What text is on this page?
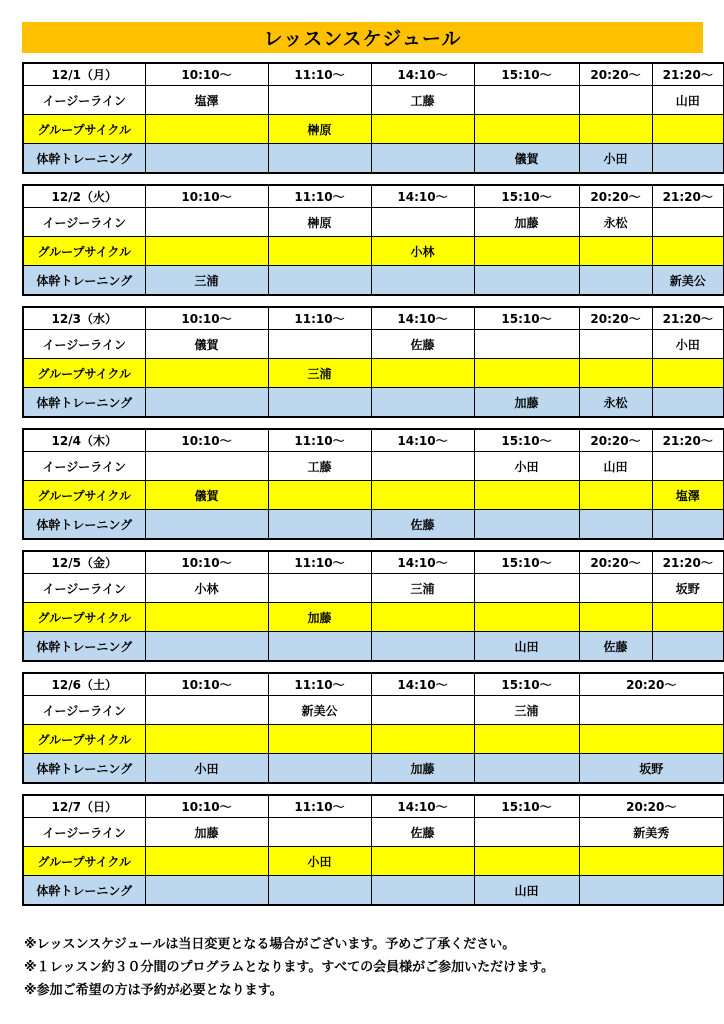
レッスンスケジュール
12/1（月）	10:10～	11:10～	14:10～	15:10～	20:20～	21:20～
イージーライン	塩澤		工藤			山田
グループサイクル		榊原				
体幹トレーニング				儀賀	小田	
12/2（火）	10:10～	11:10～	14:10～	15:10～	20:20～	21:20～
イージーライン		榊原		加藤	永松	
グループサイクル			小林			
体幹トレーニング	三浦					新美公
12/3（水）	10:10～	11:10～	14:10～	15:10～	20:20～	21:20～
イージーライン	儀賀		佐藤			小田
グループサイクル		三浦				
体幹トレーニング				加藤	永松	
12/4（木）	10:10～	11:10～	14:10～	15:10～	20:20～	21:20～
イージーライン		工藤		小田	山田	
グループサイクル	儀賀					塩澤
体幹トレーニング			佐藤			
12/5（金）	10:10～	11:10～	14:10～	15:10～	20:20～	21:20～
イージーライン	小林		三浦			坂野
グループサイクル		加藤				
体幹トレーニング				山田	佐藤	
12/6（土）	10:10～	11:10～	14:10～	15:10～	20:20～
イージーライン		新美公		三浦	
グループサイクル					
体幹トレーニング	小田		加藤		坂野
12/7（日）	10:10～	11:10～	14:10～	15:10～	20:20～
イージーライン	加藤		佐藤		新美秀
グループサイクル		小田			
体幹トレーニング				山田	
※レッスンスケジュールは当日変更となる場合がございます。予めご了承ください。
※１レッスン約３０分間のプログラムとなります。すべての会員様がご参加いただけます。
※参加ご希望の方は予約が必要となります。
